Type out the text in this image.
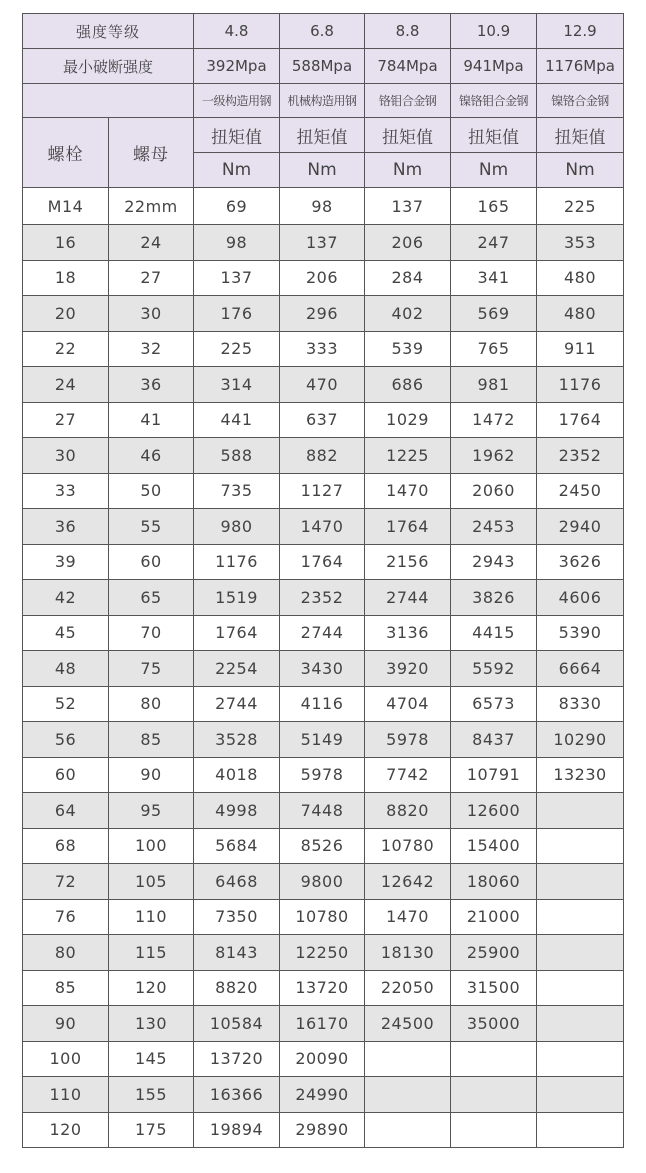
强度等级		4.8	6.8	8.8	10.9	12.9
最小破断强度		392Mpa	588Mpa	784Mpa	941Mpa	1176Mpa
		一级构造用钢	机械构造用钢	铬钼合金钢	镍铬钼合金钢	镍铬合金钢
螺栓	螺母	扭矩值	扭矩值	扭矩值	扭矩值	扭矩值
		Nm	Nm	Nm	Nm	Nm
M14	22mm	69	98	137	165	225
16	24	98	137	206	247	353
18	27	137	206	284	341	480
20	30	176	296	402	569	480
22	32	225	333	539	765	911
24	36	314	470	686	981	1176
27	41	441	637	1029	1472	1764
30	46	588	882	1225	1962	2352
33	50	735	1127	1470	2060	2450
36	55	980	1470	1764	2453	2940
39	60	1176	1764	2156	2943	3626
42	65	1519	2352	2744	3826	4606
45	70	1764	2744	3136	4415	5390
48	75	2254	3430	3920	5592	6664
52	80	2744	4116	4704	6573	8330
56	85	3528	5149	5978	8437	10290
60	90	4018	5978	7742	10791	13230
64	95	4998	7448	8820	12600	
68	100	5684	8526	10780	15400	
72	105	6468	9800	12642	18060	
76	110	7350	10780	1470	21000	
80	115	8143	12250	18130	25900	
85	120	8820	13720	22050	31500	
90	130	10584	16170	24500	35000	
100	145	13720	20090			
110	155	16366	24990			
120	175	19894	29890			
